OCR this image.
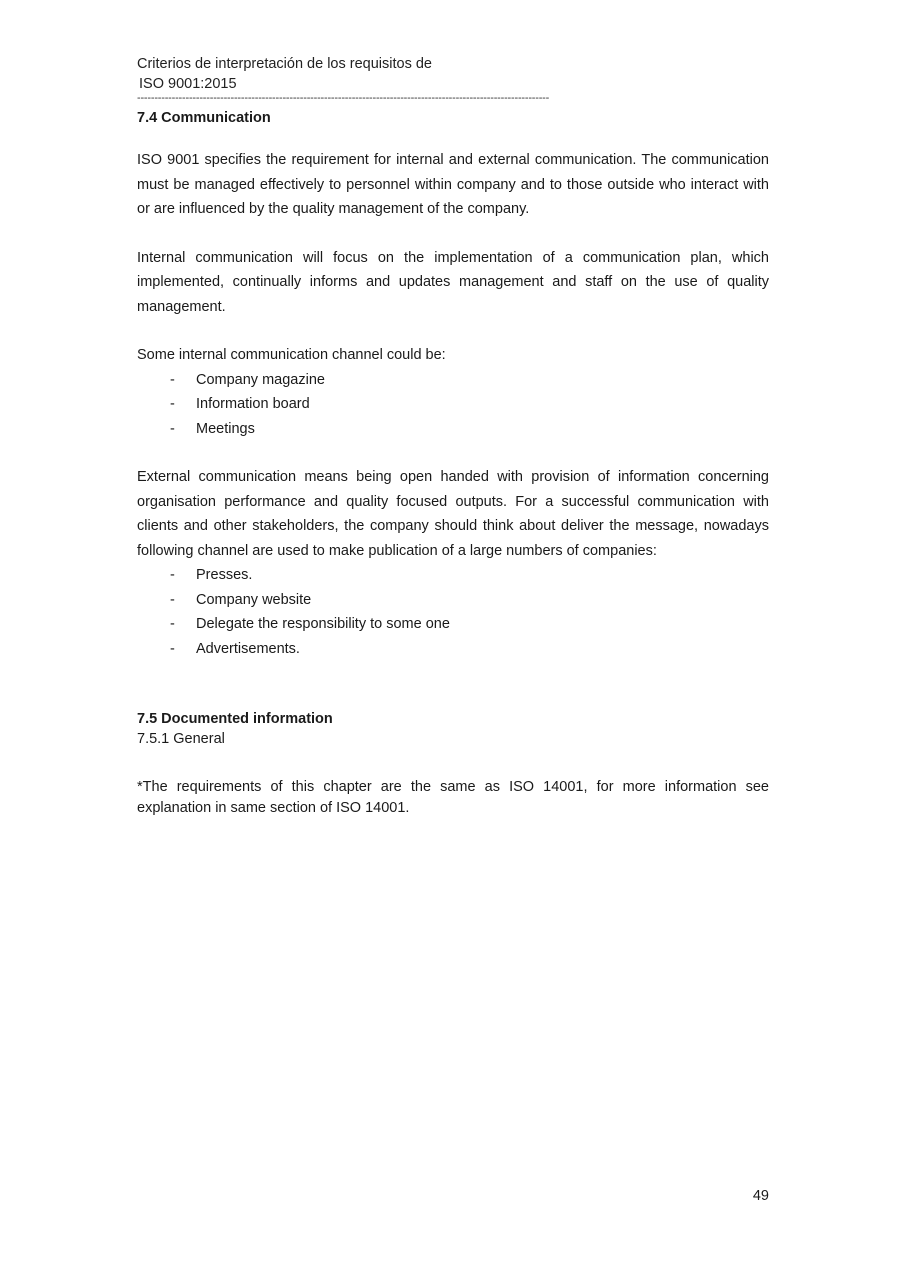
Criterios de interpretación de los requisitos de
ISO 9001:2015
-----------------------------------------------------------------------------------------------------------------------
7.4 Communication

ISO 9001 specifies the requirement for internal and external communication. The communication must be managed effectively to personnel within company and to those outside who interact with or are influenced by the quality management of the company.

Internal communication will focus on the implementation of a communication plan, which implemented, continually informs and updates management and staff on the use of quality management.

Some internal communication channel could be:

- Company magazine
- Information board
- Meetings

External communication means being open handed with provision of information concerning organisation performance and quality focused outputs. For a successful communication with clients and other stakeholders, the company should think about deliver the message, nowadays following channel are used to make publication of a large numbers of companies:

- Presses.
- Company website
- Delegate the responsibility to some one
- Advertisements.
7.5 Documented information
7.5.1 General

*The requirements of this chapter are the same as ISO 14001, for more information see explanation in same section of ISO 14001.

49
